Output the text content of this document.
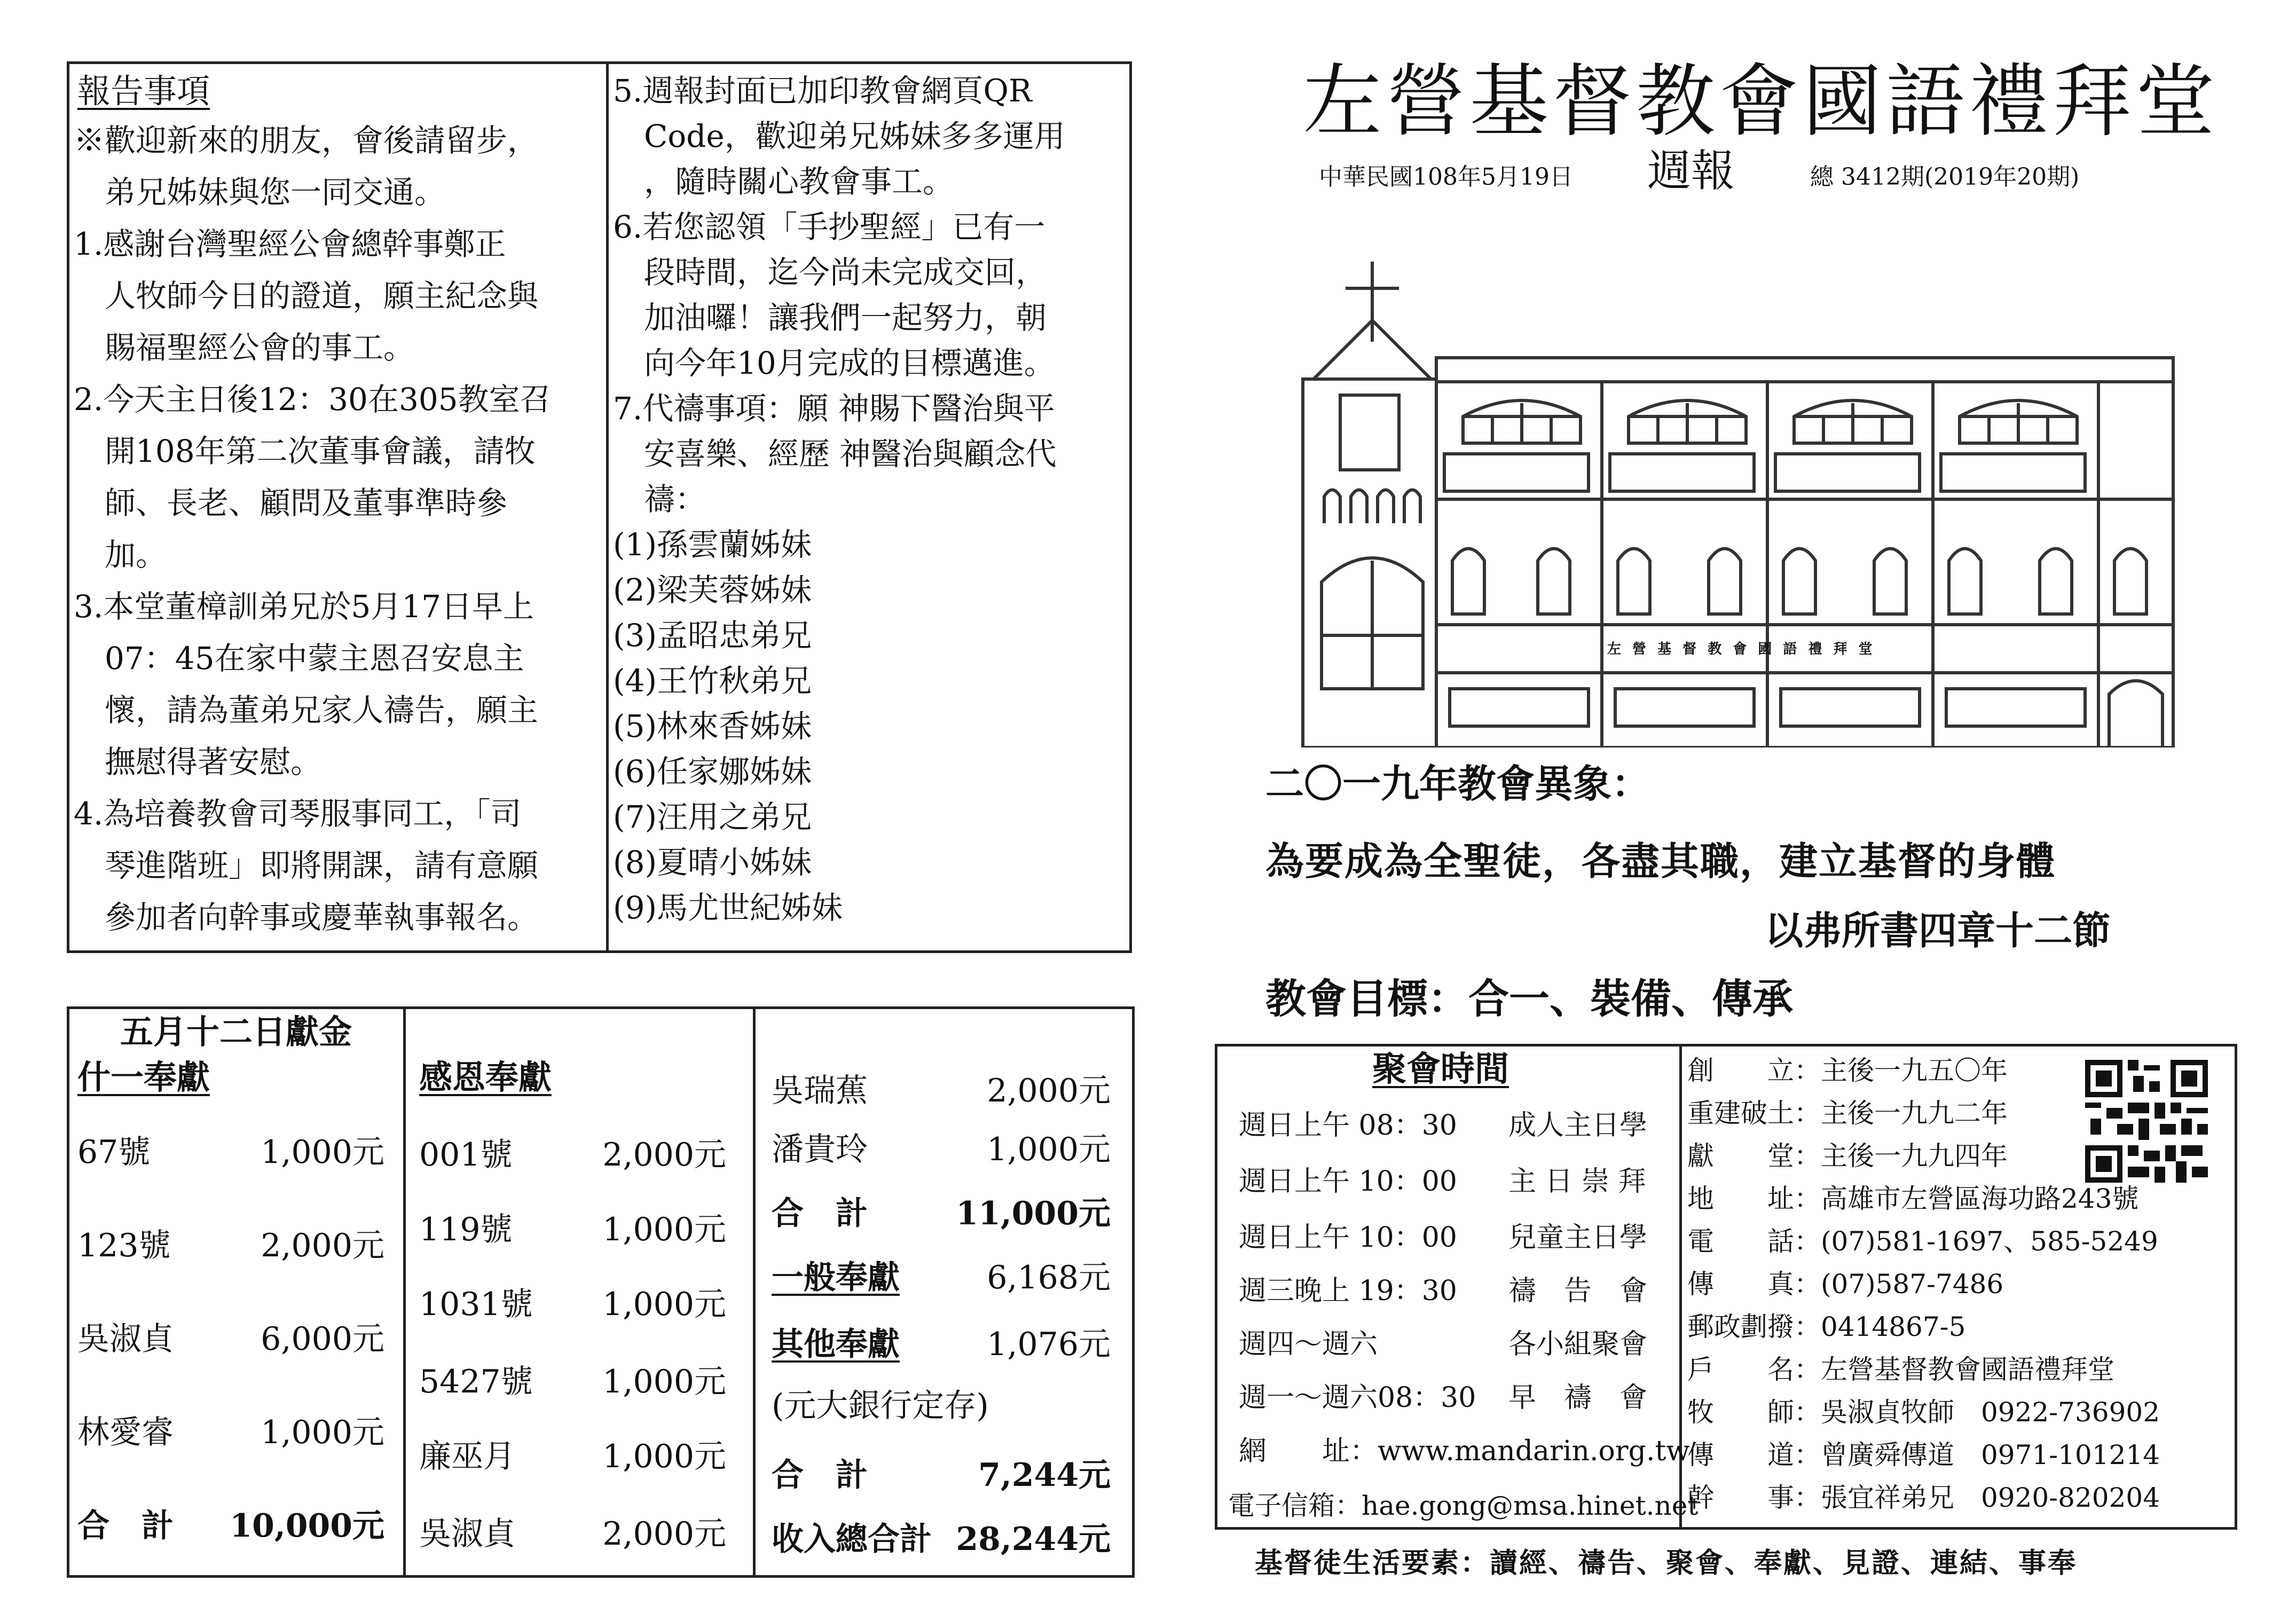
報告事項
※歡迎新來的朋友，會後請留步，
　弟兄姊妹與您一同交通。
1.感謝台灣聖經公會總幹事鄭正
　人牧師今日的證道，願主紀念與
　賜福聖經公會的事工。
2.今天主日後12：30在305教室召
　開108年第二次董事會議，請牧
　師、長老、顧問及董事準時參
　加。
3.本堂董樟訓弟兄於5月17日早上
　07：45在家中蒙主恩召安息主
　懷，請為董弟兄家人禱告，願主
　撫慰得著安慰。
4.為培養教會司琴服事同工，「司
　琴進階班」即將開課，請有意願
　參加者向幹事或慶華執事報名。
5.週報封面已加印教會網頁QR
　Code，歡迎弟兄姊妹多多運用
　，隨時關心教會事工。
6.若您認領「手抄聖經」已有一
　段時間，迄今尚未完成交回，
　加油囉！讓我們一起努力，朝
　向今年10月完成的目標邁進。
7.代禱事項：願 神賜下醫治與平
　安喜樂、經歷 神醫治與顧念代
　禱：
(1)孫雲蘭姊妹
(2)梁芙蓉姊妹
(3)孟昭忠弟兄
(4)王竹秋弟兄
(5)林來香姊妹
(6)任家娜姊妹
(7)汪用之弟兄
(8)夏晴小姊妹
(9)馬尤世紀姊妹
五月十二日獻金
什一奉獻
67號	1,000元
123號	2,000元
吳淑貞	6,000元
林愛睿	1,000元
合　計 10,000元
感恩奉獻
001號	2,000元
119號	1,000元
1031號	1,000元
5427號	1,000元
廉巫月	1,000元
吳淑貞	2,000元
吳瑞蕉	2,000元
潘貴玲	1,000元
合　計	11,000元
一般奉獻	6,168元
其他奉獻	1,076元
(元大銀行定存)
合　計	7,244元
收入總合計 28,244元
左營基督教會國語禮拜堂
中華民國108年5月19日 週報	總 3412期(2019年20期)
左 營 基 督 教 會 國 語 禮 拜 堂
二〇一九年教會異象：
為要成為全聖徒，各盡其職，建立基督的身體
以弗所書四章十二節
教會目標：合一、裝備、傳承
聚會時間
週日上午 08：30 成人主日學
週日上午 10：00 主 日 崇 拜
週日上午 10：00 兒童主日學
週三晚上 19：30 禱　告　會
週四～週六	各小組聚會
週一～週六08：30 早　禱　會
網　　址：www.mandarin.org.tw
電子信箱：hae.gong@msa.hinet.net
創　　立：主後一九五〇年
重建破土：主後一九九二年
獻　　堂：主後一九九四年
地　　址：高雄市左營區海功路243號
電　　話：(07)581-1697、585-5249
傳　　真：(07)587-7486
郵政劃撥：0414867-5
戶　　名：左營基督教會國語禮拜堂
牧　　師：吳淑貞牧師　0922-736902
傳　　道：曾廣舜傳道　0971-101214
幹　　事：張宜祥弟兄　0920-820204
基督徒生活要素：讀經、禱告、聚會、奉獻、見證、連結、事奉
